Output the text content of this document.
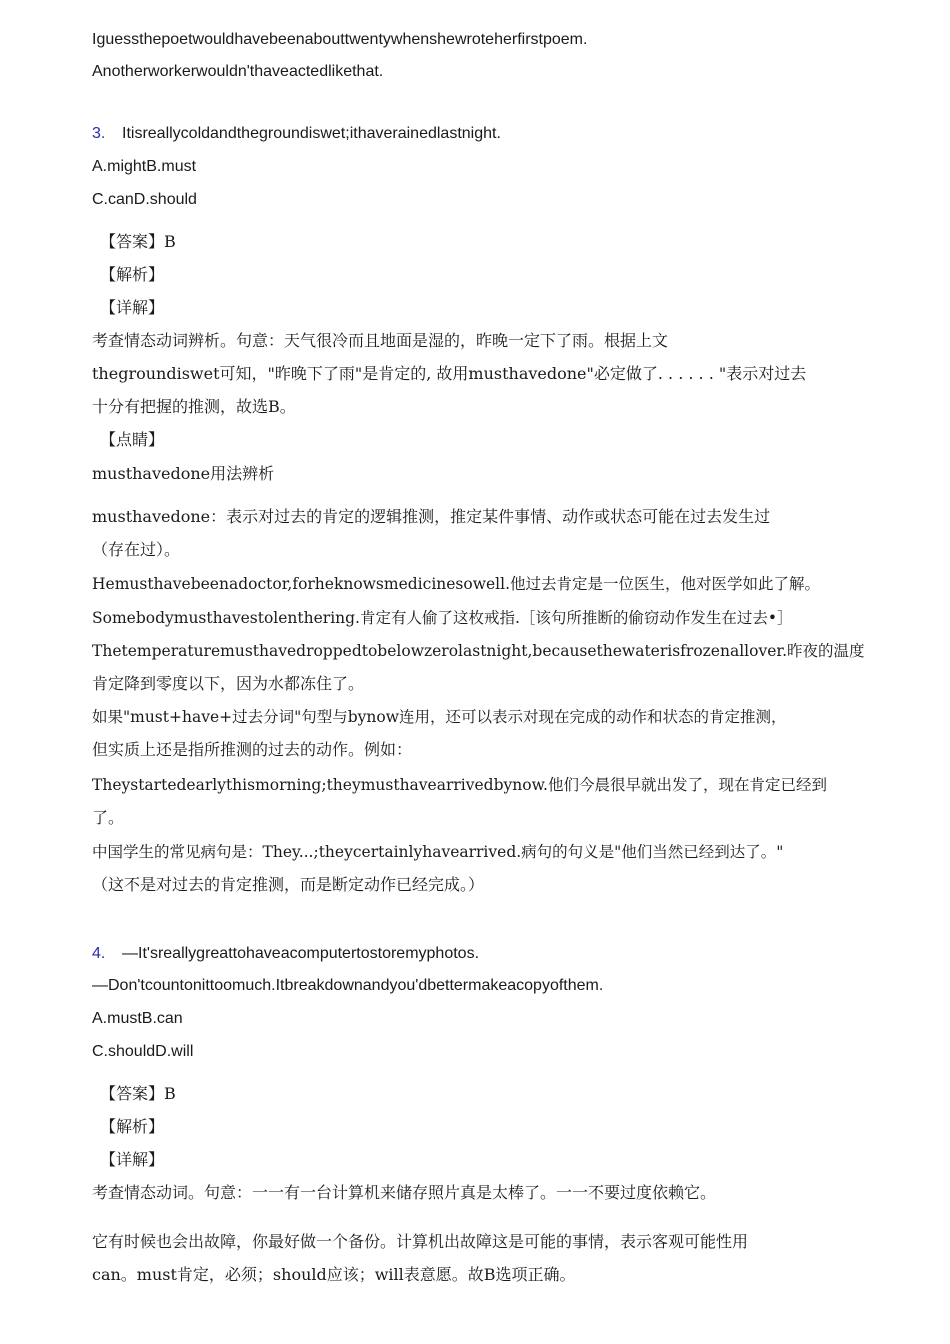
Iguessthepoetwouldhavebeenabouttwentywhenshewroteherfirstpoem.
Anotherworkerwouldn'thaveactedlikethat.
3. Itisreallycoldandthegroundiswet;ithaverainedlastnight.
A.mightB.must
C.canD.should
【答案】B
【解析】
【详解】
考查情态动词辨析。句意：天气很冷而且地面是湿的，昨晚一定下了雨。根据上文
thegroundiswet可知，"昨晚下了雨"是肯定的, 故用musthavedone"必定做了. . . . . . "表示对过去
十分有把握的推测，故选B。
【点睛】
musthavedone用法辨析
musthavedone：表示对过去的肯定的逻辑推测，推定某件事情、动作或状态可能在过去发生过
（存在过）。
Hemusthavebeenadoctor,forheknowsmedicinesowell.他过去肯定是一位医生，他对医学如此了解。
Somebodymusthavestolenthering.肯定有人偷了这枚戒指.［该句所推断的偷窃动作发生在过去•］
Thetemperaturemusthavedroppedtobelowzerolastnight,becausethewaterisfrozenallover.昨夜的温度
肯定降到零度以下，因为水都冻住了。
如果"must+have+过去分词"句型与bynow连用，还可以表示对现在完成的动作和状态的肯定推测，
但实质上还是指所推测的过去的动作。例如：
Theystartedearlythismorning;theymusthavearrivedbynow.他们今晨很早就出发了，现在肯定已经到
了。
中国学生的常见病句是：They...;theycertainlyhavearrived.病句的句义是"他们当然已经到达了。"
（这不是对过去的肯定推测，而是断定动作已经完成。）
4. —It'sreallygreattohaveacomputertostoremyphotos.
—Don'tcountonittoomuch.Itbreakdownandyou'dbettermakeacopyofthem.
A.mustB.can
C.shouldD.will
【答案】B
【解析】
【详解】
考查情态动词。句意：一一有一台计算机来储存照片真是太棒了。一一不要过度依赖它。
它有时候也会出故障，你最好做一个备份。计算机出故障这是可能的事情，表示客观可能性用
can。must肯定，必须；should应该；will表意愿。故B选项正确。
